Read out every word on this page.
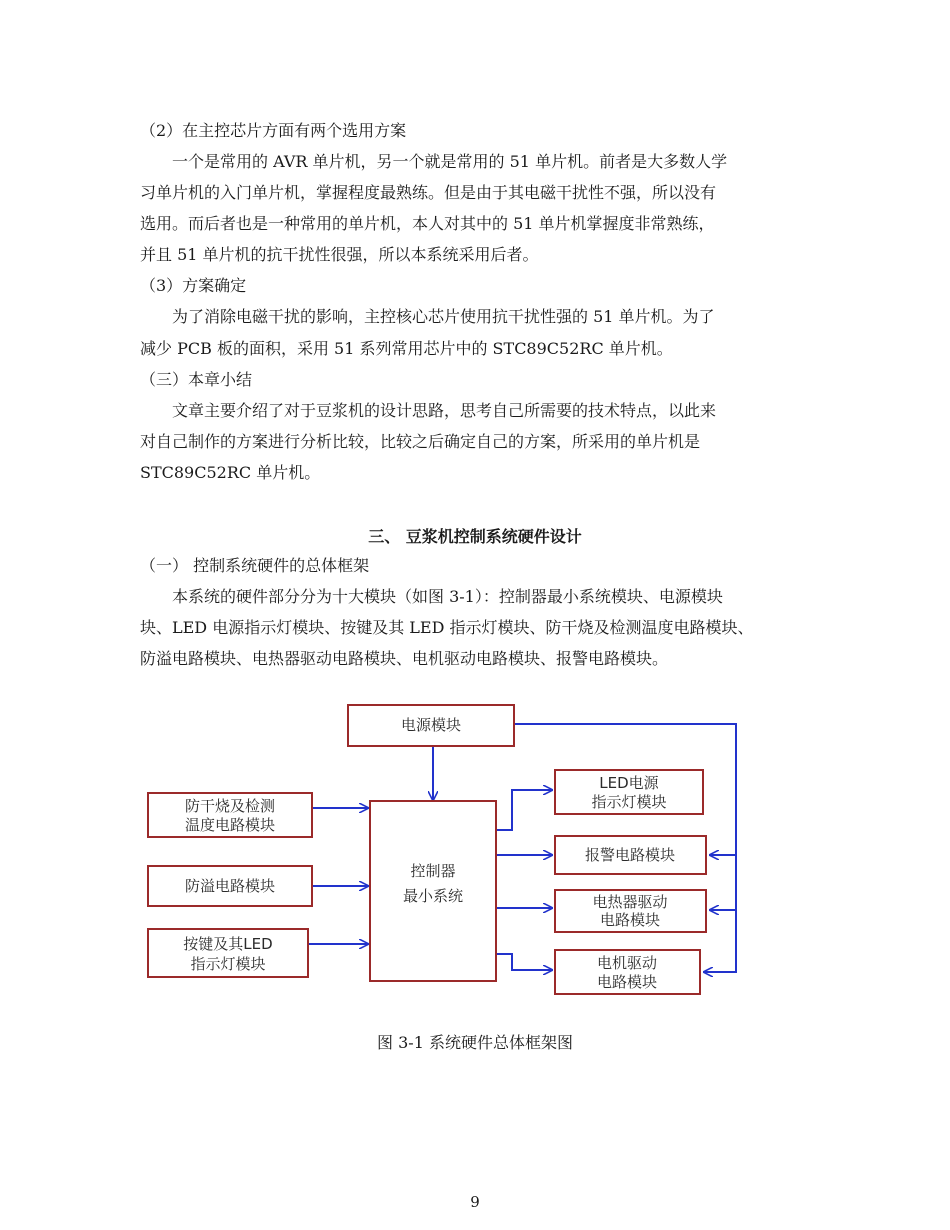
（2）在主控芯片方面有两个选用方案
一个是常用的 AVR 单片机，另一个就是常用的 51 单片机。前者是大多数人学
习单片机的入门单片机，掌握程度最熟练。但是由于其电磁干扰性不强，所以没有
选用。而后者也是一种常用的单片机，本人对其中的 51 单片机掌握度非常熟练，
并且 51 单片机的抗干扰性很强，所以本系统采用后者。
（3）方案确定
为了消除电磁干扰的影响，主控核心芯片使用抗干扰性强的 51 单片机。为了
减少 PCB 板的面积，采用 51 系列常用芯片中的 STC89C52RC 单片机。
（三）本章小结
文章主要介绍了对于豆浆机的设计思路，思考自己所需要的技术特点，以此来
对自己制作的方案进行分析比较，比较之后确定自己的方案，所采用的单片机是
STC89C52RC 单片机。
三、 豆浆机控制系统硬件设计
（一） 控制系统硬件的总体框架
本系统的硬件部分分为十大模块（如图 3-1）：控制器最小系统模块、电源模块
块、LED 电源指示灯模块、按键及其 LED 指示灯模块、防干烧及检测温度电路模块、
防溢电路模块、电热器驱动电路模块、电机驱动电路模块、报警电路模块。
电源模块
防干烧及检测
温度电路模块
防溢电路模块
按键及其LED
指示灯模块
控制器
最小系统
LED电源
指示灯模块
报警电路模块
电热器驱动
电路模块
电机驱动
电路模块
图 3-1 系统硬件总体框架图
9
